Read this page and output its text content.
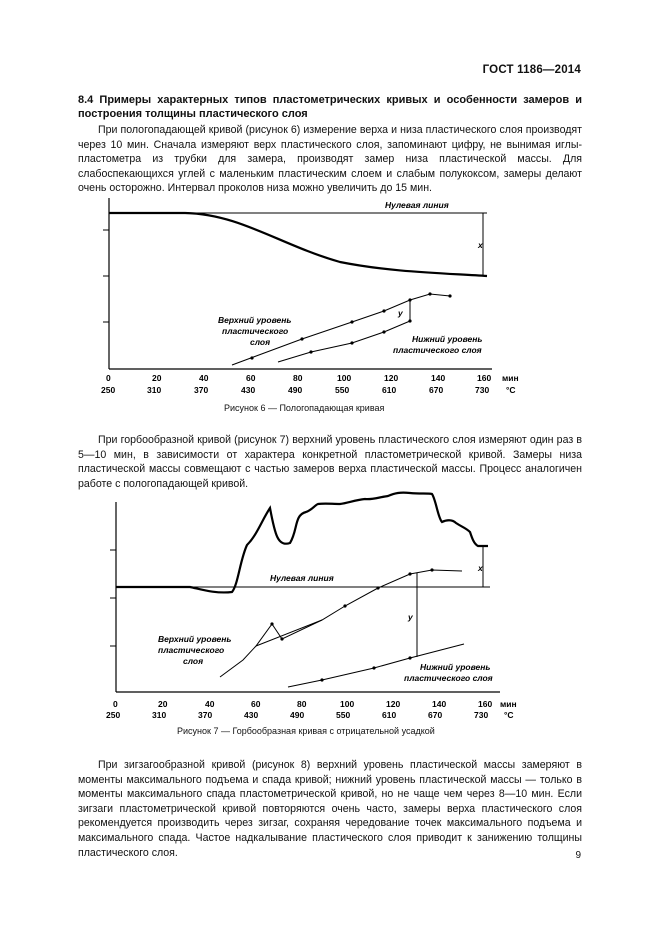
ГОСТ 1186—2014
8.4 Примеры характерных типов пластометрических кривых и особенности замеров и построения толщины пластического слоя
При пологопадающей кривой (рисунок 6) измерение верха и низа пластического слоя производят через 10 мин. Сначала измеряют верх пластического слоя, запоминают цифру, не вынимая иглы-пластометра из трубки для замера, производят замер низа пластической массы. Для слабоспекающихся углей с маленьким пластическим слоем и слабым полукоксом, замеры делают очень осторожно. Интервал проколов низа можно увеличить до 15 мин.
Нулевая линия
x
y
Верхний уровень
пластического
слоя	Нижний уровень
пластического слоя
0	20	40	60	80	100	120	140	160 мин
250	310	370	430	490	550	610	670	730 °C
Нулевая линия
x
y
Верхний уровень
пластического
слоя
Нижний уровень
пластического слоя
0	20	40	60	80	100	120	140	160 мин
250	310	370	430	490	550	610	670	730 °C
Рисунок 6 — Пологопадающая кривая
При горбообразной кривой (рисунок 7) верхний уровень пластического слоя измеряют один раз в 5—10 мин, в зависимости от характера конкретной пластометрической кривой. Замеры низа пластической массы совмещают с частью замеров верха пластической массы. Процесс аналогичен работе с пологопадающей кривой.
Рисунок 7 — Горбообразная кривая с отрицательной усадкой
При зигзагообразной кривой (рисунок 8) верхний уровень пластической массы замеряют в моменты максимального подъема и спада кривой; нижний уровень пластической массы — только в моменты максимального спада пластометрической кривой, но не чаще чем через 8—10 мин. Если зигзаги пластометрической кривой повторяются очень часто, замеры верха пластического слоя рекомендуется производить через зигзаг, сохраняя чередование точек максимального подъема и максимального спада. Частое надкалывание пластического слоя приводит к занижению толщины пластического слоя.	9
